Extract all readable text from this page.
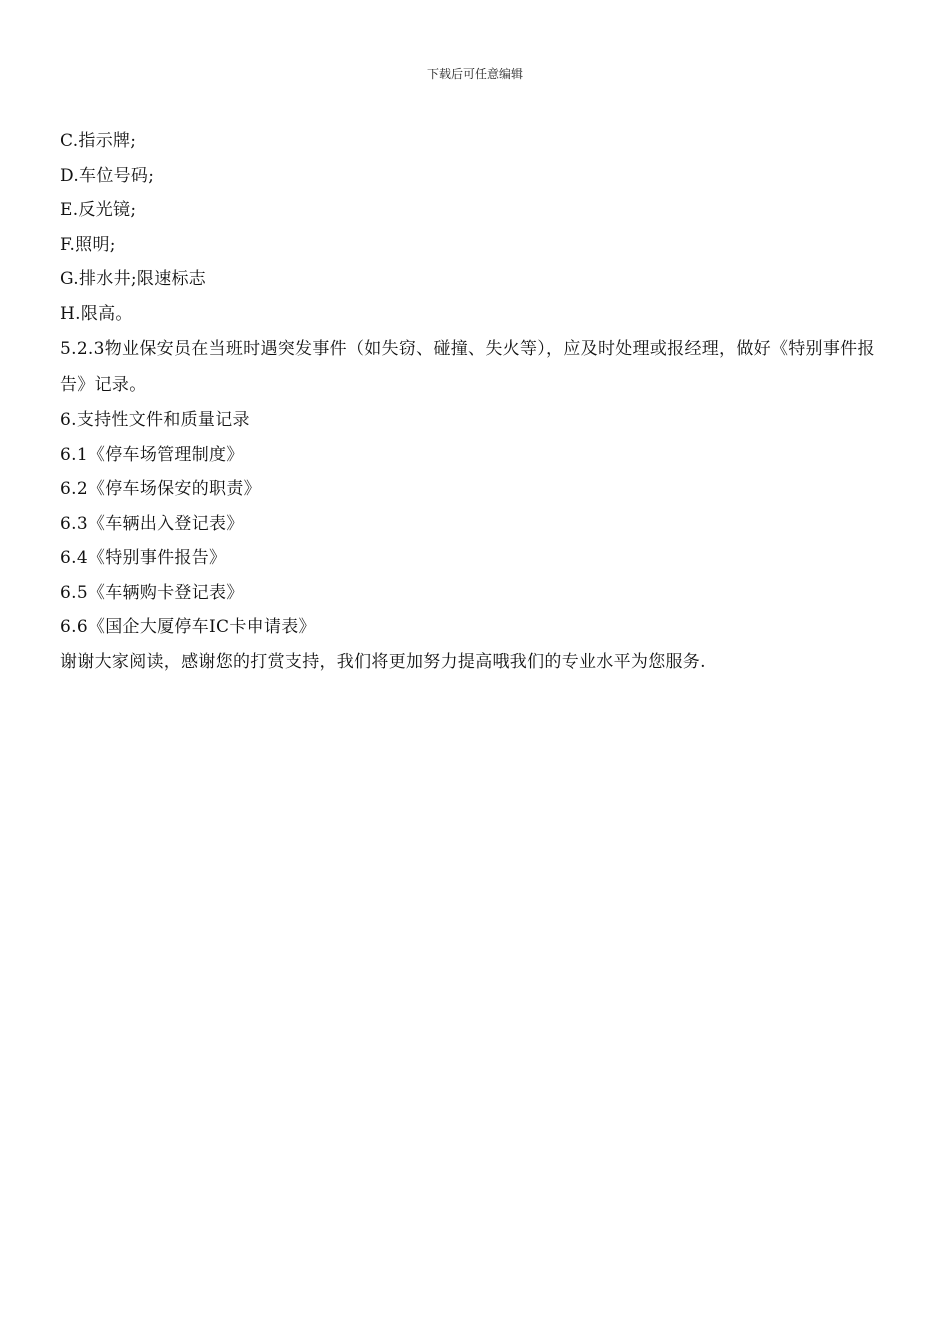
下载后可任意编辑
C.指示牌;
D.车位号码;
E.反光镜;
F.照明;
G.排水井;限速标志
H.限高。
5.2.3物业保安员在当班时遇突发事件（如失窃、碰撞、失火等），应及时处理或报经理，做好《特别事件报告》记录。
6.支持性文件和质量记录
6.1《停车场管理制度》
6.2《停车场保安的职责》
6.3《车辆出入登记表》
6.4《特别事件报告》
6.5《车辆购卡登记表》
6.6《国企大厦停车IC卡申请表》
谢谢大家阅读，感谢您的打赏支持，我们将更加努力提高哦我们的专业水平为您服务.
